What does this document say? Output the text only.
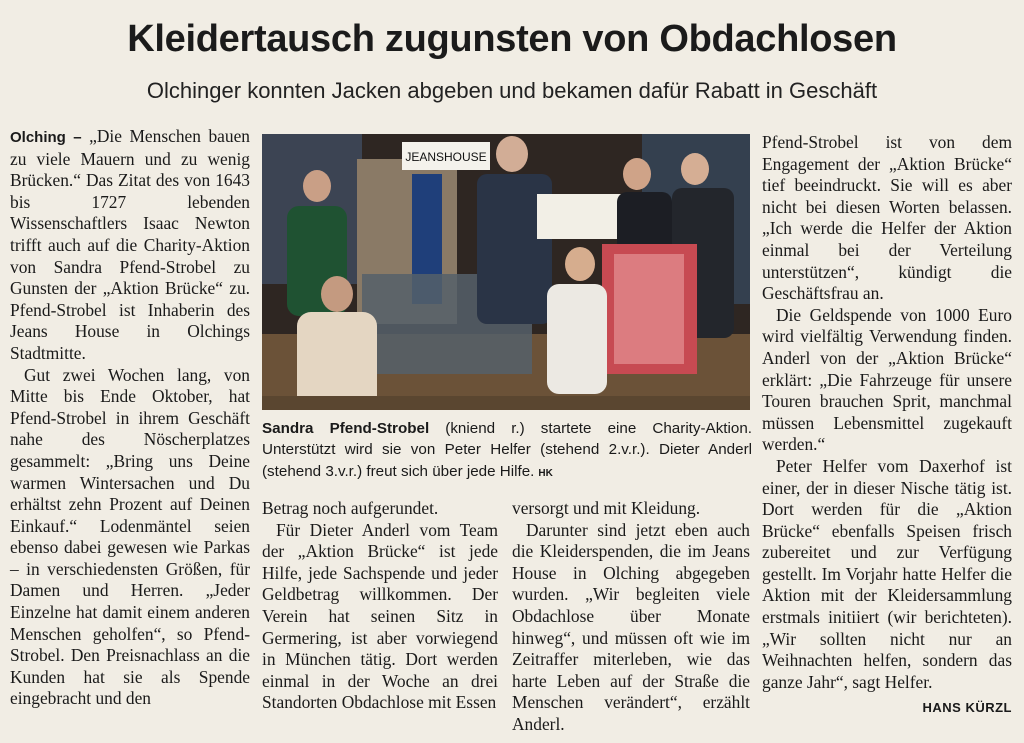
Kleidertausch zugunsten von Obdachlosen
Olchinger konnten Jacken abgeben und bekamen dafür Rabatt in Geschäft

Olching – „Die Menschen bauen zu viele Mauern und zu wenig Brücken.“ Das Zitat des von 1643 bis 1727 lebenden Wissenschaftlers Isaac Newton trifft auch auf die Charity-Aktion von Sandra Pfend-Strobel zu Gunsten der „Aktion Brücke“ zu. Pfend-Strobel ist Inhaberin des Jeans House in Olchings Stadtmitte.

Gut zwei Wochen lang, von Mitte bis Ende Oktober, hat Pfend-Strobel in ihrem Geschäft nahe des Nöscherplatzes gesammelt: „Bring uns Deine warmen Wintersachen und Du erhältst zehn Prozent auf Deinen Einkauf.“ Lodenmäntel seien ebenso dabei gewesen wie Parkas – in verschiedensten Größen, für Damen und Herren. „Jeder Einzelne hat damit einem anderen Menschen geholfen“, so Pfend-Strobel. Den Preisnachlass an die Kunden hat sie als Spende eingebracht und den

JEANSHOUSE
Sandra Pfend-Strobel (kniend r.) startete eine Charity-Aktion. Unterstützt wird sie von Peter Helfer (stehend 2.v.r.). Dieter Anderl (stehend 3.v.r.) freut sich über jede Hilfe. HK

Betrag noch aufgerundet.

Für Dieter Anderl vom Team der „Aktion Brücke“ ist jede Hilfe, jede Sachspende und jeder Geldbetrag willkommen. Der Verein hat seinen Sitz in Germering, ist aber vorwiegend in München tätig. Dort werden einmal in der Woche an drei Standorten Obdachlose mit Essen

versorgt und mit Kleidung.

Darunter sind jetzt eben auch die Kleiderspenden, die im Jeans House in Olching abgegeben wurden. „Wir begleiten viele Obdachlose über Monate hinweg“, und müssen oft wie im Zeitraffer miterleben, wie das harte Leben auf der Straße die Menschen verändert“, erzählt Anderl.

Pfend-Strobel ist von dem Engagement der „Aktion Brücke“ tief beeindruckt. Sie will es aber nicht bei diesen Worten belassen. „Ich werde die Helfer der Aktion einmal bei der Verteilung unterstützen“, kündigt die Geschäftsfrau an.

Die Geldspende von 1000 Euro wird vielfältig Verwendung finden. Anderl von der „Aktion Brücke“ erklärt: „Die Fahrzeuge für unsere Touren brauchen Sprit, manchmal müssen Lebensmittel zugekauft werden.“

Peter Helfer vom Daxerhof ist einer, der in dieser Nische tätig ist. Dort werden für die „Aktion Brücke“ ebenfalls Speisen frisch zubereitet und zur Verfügung gestellt. Im Vorjahr hatte Helfer die Aktion mit der Kleidersammlung erstmals initiiert (wir berichteten). „Wir sollten nicht nur an Weihnachten helfen, sondern das ganze Jahr“, sagt Helfer.
HANS KÜRZL
